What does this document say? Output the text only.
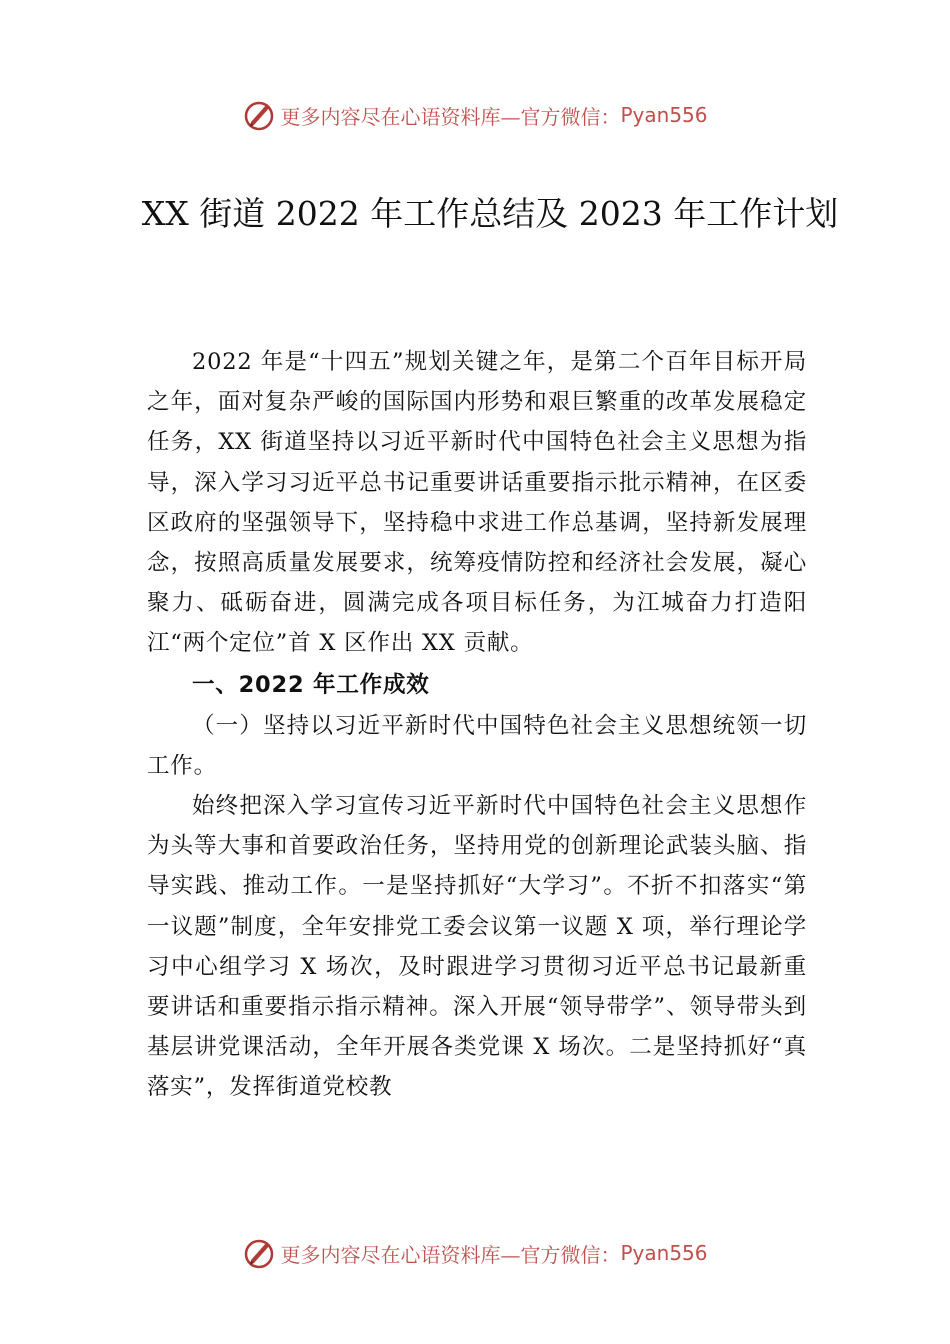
更多内容尽在心语资料库—官方微信： Pyan556
XX 街道 2022 年工作总结及 2023 年工作计划

2022 年是“十四五”规划关键之年，是第二个百年目标开局之年，面对复杂严峻的国际国内形势和艰巨繁重的改革发展稳定任务，XX 街道坚持以习近平新时代中国特色社会主义思想为指导，深入学习习近平总书记重要讲话重要指示批示精神，在区委区政府的坚强领导下，坚持稳中求进工作总基调，坚持新发展理念，按照高质量发展要求，统筹疫情防控和经济社会发展，凝心聚力、砥砺奋进，圆满完成各项目标任务，为江城奋力打造阳江“两个定位”首 X 区作出 XX 贡献。

一、2022 年工作成效
（一）坚持以习近平新时代中国特色社会主义思想统领一切工作。

始终把深入学习宣传习近平新时代中国特色社会主义思想作为头等大事和首要政治任务，坚持用党的创新理论武装头脑、指导实践、推动工作。一是坚持抓好“大学习”。不折不扣落实“第一议题”制度，全年安排党工委会议第一议题 X 项，举行理论学习中心组学习 X 场次，及时跟进学习贯彻习近平总书记最新重要讲话和重要指示指示精神。深入开展“领导带学”、领导带头到基层讲党课活动，全年开展各类党课 X 场次。二是坚持抓好“真落实”，发挥街道党校教

更多内容尽在心语资料库—官方微信： Pyan556
